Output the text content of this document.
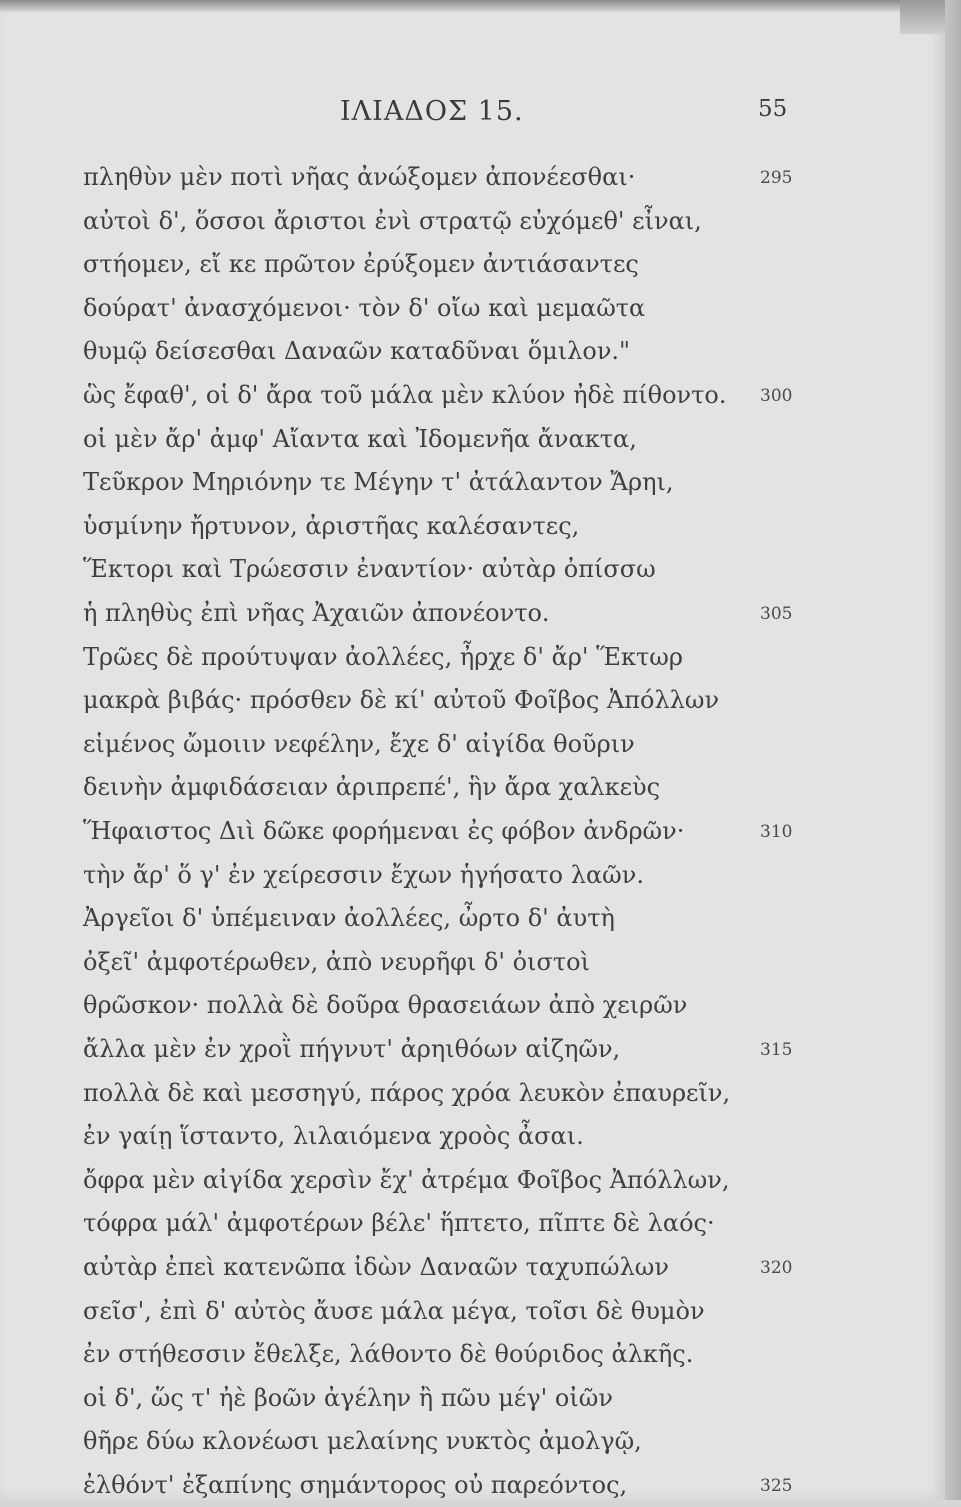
ΙΛΙΑΔΟΣ 15.	55
πληθὺν μὲν ποτὶ νῆας ἀνώξομεν ἀπονέεσθαι·
αὐτοὶ δ', ὅσσοι ἄριστοι ἐνὶ στρατῷ εὐχόμεθ' εἶναι,
στήομεν, εἴ κε πρῶτον ἐρύξομεν ἀντιάσαντες
δούρατ' ἀνασχόμενοι· τὸν δ' οἴω καὶ μεμαῶτα
θυμῷ δείσεσθαι Δαναῶν καταδῦναι ὅμιλον."
ὣς ἔφαθ', οἱ δ' ἄρα τοῦ μάλα μὲν κλύον ἠδὲ πίθοντο.
οἱ μὲν ἄρ' ἀμφ' Αἴαντα καὶ Ἰδομενῆα ἄνακτα,
Τεῦκρον Μηριόνην τε Μέγην τ' ἀτάλαντον Ἄρηι,
ὑσμίνην ἤρτυνον, ἀριστῆας καλέσαντες,
Ἕκτορι καὶ Τρώεσσιν ἐναντίον· αὐτὰρ ὀπίσσω
ἡ πληθὺς ἐπὶ νῆας Ἀχαιῶν ἀπονέοντο.
Τρῶες δὲ προύτυψαν ἀολλέες, ἦρχε δ' ἄρ' Ἕκτωρ
μακρὰ βιβάς· πρόσθεν δὲ κί' αὐτοῦ Φοῖβος Ἀπόλλων
εἱμένος ὤμοιιν νεφέλην, ἔχε δ' αἰγίδα θοῦριν
δεινὴν ἀμφιδάσειαν ἀριπρεπέ', ἣν ἄρα χαλκεὺς
Ἥφαιστος Διὶ δῶκε φορήμεναι ἐς φόβον ἀνδρῶν·
τὴν ἄρ' ὅ γ' ἐν χείρεσσιν ἔχων ἡγήσατο λαῶν.
Ἀργεῖοι δ' ὑπέμειναν ἀολλέες, ὦρτο δ' ἀυτὴ
ὀξεῖ' ἀμφοτέρωθεν, ἀπὸ νευρῆφι δ' ὀιστοὶ
θρῶσκον· πολλὰ δὲ δοῦρα θρασειάων ἀπὸ χειρῶν
ἄλλα μὲν ἐν χροῒ πήγνυτ' ἀρηιθόων αἰζηῶν,
πολλὰ δὲ καὶ μεσσηγύ, πάρος χρόα λευκὸν ἐπαυρεῖν,
ἐν γαίῃ ἵσταντο, λιλαιόμενα χροὸς ἆσαι.
ὄφρα μὲν αἰγίδα χερσὶν ἔχ' ἀτρέμα Φοῖβος Ἀπόλλων,
τόφρα μάλ' ἀμφοτέρων βέλε' ἥπτετο, πῖπτε δὲ λαός·
αὐτὰρ ἐπεὶ κατενῶπα ἰδὼν Δαναῶν ταχυπώλων
σεῖσ', ἐπὶ δ' αὐτὸς ἄυσε μάλα μέγα, τοῖσι δὲ θυμὸν
ἐν στήθεσσιν ἔθελξε, λάθοντο δὲ θούριδος ἀλκῆς.
οἱ δ', ὥς τ' ἠὲ βοῶν ἀγέλην ἢ πῶυ μέγ' οἰῶν
θῆρε δύω κλονέωσι μελαίνης νυκτὸς ἀμολγῷ,
ἐλθόντ' ἐξαπίνης σημάντορος οὐ παρεόντος,
295
300
305
310
315
320
325
